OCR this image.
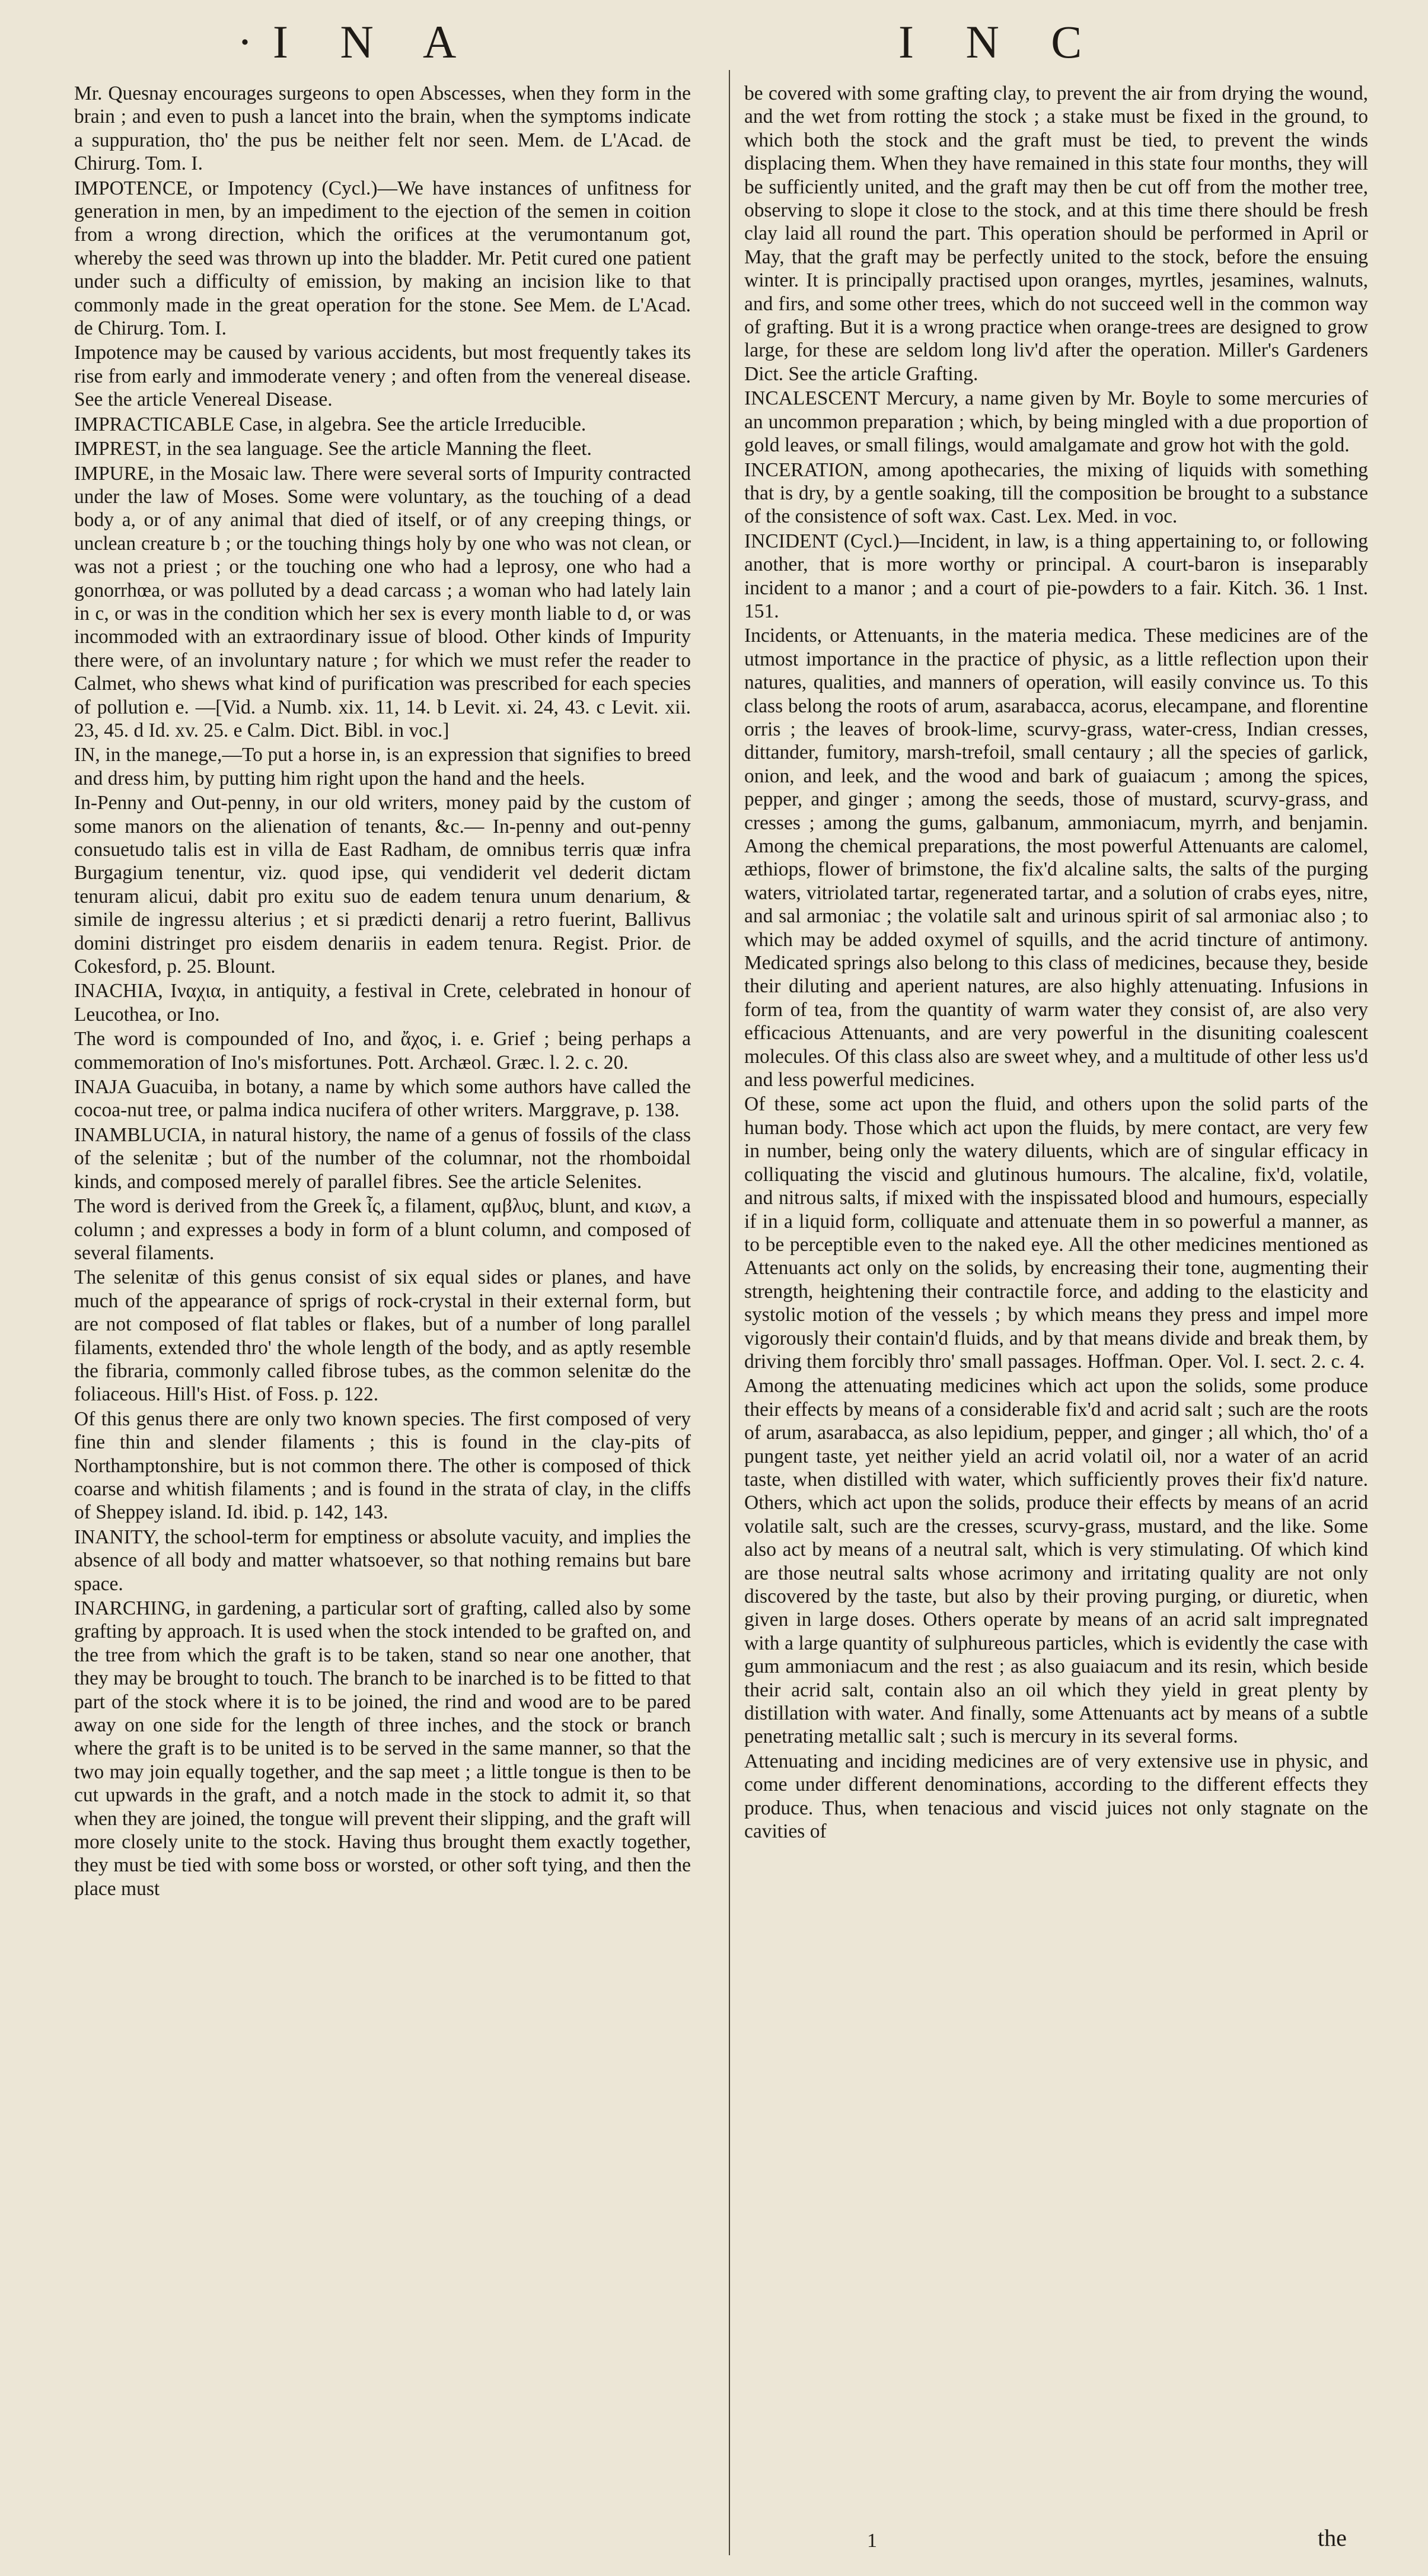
·I N A	I N C

Mr. Quesnay encourages surgeons to open Abscesses, when they form in the brain ; and even to push a lancet into the brain, when the symptoms indicate a suppuration, tho' the pus be neither felt nor seen. Mem. de L'Acad. de Chirurg. Tom. I.

IMPOTENCE, or Impotency (Cycl.)—We have instances of unfitness for generation in men, by an impediment to the ejection of the semen in coition from a wrong direction, which the orifices at the verumontanum got, whereby the seed was thrown up into the bladder. Mr. Petit cured one patient under such a difficulty of emission, by making an incision like to that commonly made in the great operation for the stone. See Mem. de L'Acad. de Chirurg. Tom. I.

Impotence may be caused by various accidents, but most frequently takes its rise from early and immoderate venery ; and often from the venereal disease. See the article Venereal Disease.

IMPRACTICABLE Case, in algebra. See the article Irreducible.

IMPREST, in the sea language. See the article Manning the fleet.

IMPURE, in the Mosaic law. There were several sorts of Impurity contracted under the law of Moses. Some were voluntary, as the touching of a dead body a, or of any animal that died of itself, or of any creeping things, or unclean creature b ; or the touching things holy by one who was not clean, or was not a priest ; or the touching one who had a leprosy, one who had a gonorrhœa, or was polluted by a dead carcass ; a woman who had lately lain in c, or was in the condition which her sex is every month liable to d, or was incommoded with an extraordinary issue of blood. Other kinds of Impurity there were, of an involuntary nature ; for which we must refer the reader to Calmet, who shews what kind of purification was prescribed for each species of pollution e. —[Vid. a Numb. xix. 11, 14. b Levit. xi. 24, 43. c Levit. xii. 23, 45. d Id. xv. 25. e Calm. Dict. Bibl. in voc.]

IN, in the manege,—To put a horse in, is an expression that signifies to breed and dress him, by putting him right upon the hand and the heels.

In-Penny and Out-penny, in our old writers, money paid by the custom of some manors on the alienation of tenants, &c.— In-penny and out-penny consuetudo talis est in villa de East Radham, de omnibus terris quæ infra Burgagium tenentur, viz. quod ipse, qui vendiderit vel dederit dictam tenuram alicui, dabit pro exitu suo de eadem tenura unum denarium, & simile de ingressu alterius ; et si prædicti denarij a retro fuerint, Ballivus domini distringet pro eisdem denariis in eadem tenura. Regist. Prior. de Cokesford, p. 25. Blount.

INACHIA, Ιναχια, in antiquity, a festival in Crete, celebrated in honour of Leucothea, or Ino.

The word is compounded of Ino, and ἄχος, i. e. Grief ; being perhaps a commemoration of Ino's misfortunes. Pott. Archæol. Græc. l. 2. c. 20.

INAJA Guacuiba, in botany, a name by which some authors have called the cocoa-nut tree, or palma indica nucifera of other writers. Marggrave, p. 138.

INAMBLUCIA, in natural history, the name of a genus of fossils of the class of the selenitæ ; but of the number of the columnar, not the rhomboidal kinds, and composed merely of parallel fibres. See the article Selenites.

The word is derived from the Greek ἶς, a filament, αμβλυς, blunt, and κιων, a column ; and expresses a body in form of a blunt column, and composed of several filaments.

The selenitæ of this genus consist of six equal sides or planes, and have much of the appearance of sprigs of rock-crystal in their external form, but are not composed of flat tables or flakes, but of a number of long parallel filaments, extended thro' the whole length of the body, and as aptly resemble the fibraria, commonly called fibrose tubes, as the common selenitæ do the foliaceous. Hill's Hist. of Foss. p. 122.

Of this genus there are only two known species. The first composed of very fine thin and slender filaments ; this is found in the clay-pits of Northamptonshire, but is not common there. The other is composed of thick coarse and whitish filaments ; and is found in the strata of clay, in the cliffs of Sheppey island. Id. ibid. p. 142, 143.

INANITY, the school-term for emptiness or absolute vacuity, and implies the absence of all body and matter whatsoever, so that nothing remains but bare space.

INARCHING, in gardening, a particular sort of grafting, called also by some grafting by approach. It is used when the stock intended to be grafted on, and the tree from which the graft is to be taken, stand so near one another, that they may be brought to touch. The branch to be inarched is to be fitted to that part of the stock where it is to be joined, the rind and wood are to be pared away on one side for the length of three inches, and the stock or branch where the graft is to be united is to be served in the same manner, so that the two may join equally together, and the sap meet ; a little tongue is then to be cut upwards in the graft, and a notch made in the stock to admit it, so that when they are joined, the tongue will prevent their slipping, and the graft will more closely unite to the stock. Having thus brought them exactly together, they must be tied with some boss or worsted, or other soft tying, and then the place must

be covered with some grafting clay, to prevent the air from drying the wound, and the wet from rotting the stock ; a stake must be fixed in the ground, to which both the stock and the graft must be tied, to prevent the winds displacing them. When they have remained in this state four months, they will be sufficiently united, and the graft may then be cut off from the mother tree, observing to slope it close to the stock, and at this time there should be fresh clay laid all round the part. This operation should be performed in April or May, that the graft may be perfectly united to the stock, before the ensuing winter. It is principally practised upon oranges, myrtles, jesamines, walnuts, and firs, and some other trees, which do not succeed well in the common way of grafting. But it is a wrong practice when orange-trees are designed to grow large, for these are seldom long liv'd after the operation. Miller's Gardeners Dict. See the article Grafting.

INCALESCENT Mercury, a name given by Mr. Boyle to some mercuries of an uncommon preparation ; which, by being mingled with a due proportion of gold leaves, or small filings, would amalgamate and grow hot with the gold.

INCERATION, among apothecaries, the mixing of liquids with something that is dry, by a gentle soaking, till the composition be brought to a substance of the consistence of soft wax. Cast. Lex. Med. in voc.

INCIDENT (Cycl.)—Incident, in law, is a thing appertaining to, or following another, that is more worthy or principal. A court-baron is inseparably incident to a manor ; and a court of pie-powders to a fair. Kitch. 36. 1 Inst. 151.

Incidents, or Attenuants, in the materia medica. These medicines are of the utmost importance in the practice of physic, as a little reflection upon their natures, qualities, and manners of operation, will easily convince us. To this class belong the roots of arum, asarabacca, acorus, elecampane, and florentine orris ; the leaves of brook-lime, scurvy-grass, water-cress, Indian cresses, dittander, fumitory, marsh-trefoil, small centaury ; all the species of garlick, onion, and leek, and the wood and bark of guaiacum ; among the spices, pepper, and ginger ; among the seeds, those of mustard, scurvy-grass, and cresses ; among the gums, galbanum, ammoniacum, myrrh, and benjamin. Among the chemical preparations, the most powerful Attenuants are calomel, æthiops, flower of brimstone, the fix'd alcaline salts, the salts of the purging waters, vitriolated tartar, regenerated tartar, and a solution of crabs eyes, nitre, and sal armoniac ; the volatile salt and urinous spirit of sal armoniac also ; to which may be added oxymel of squills, and the acrid tincture of antimony. Medicated springs also belong to this class of medicines, because they, beside their diluting and aperient natures, are also highly attenuating. Infusions in form of tea, from the quantity of warm water they consist of, are also very efficacious Attenuants, and are very powerful in the disuniting coalescent molecules. Of this class also are sweet whey, and a multitude of other less us'd and less powerful medicines.

Of these, some act upon the fluid, and others upon the solid parts of the human body. Those which act upon the fluids, by mere contact, are very few in number, being only the watery diluents, which are of singular efficacy in colliquating the viscid and glutinous humours. The alcaline, fix'd, volatile, and nitrous salts, if mixed with the inspissated blood and humours, especially if in a liquid form, colliquate and attenuate them in so powerful a manner, as to be perceptible even to the naked eye. All the other medicines mentioned as Attenuants act only on the solids, by encreasing their tone, augmenting their strength, heightening their contractile force, and adding to the elasticity and systolic motion of the vessels ; by which means they press and impel more vigorously their contain'd fluids, and by that means divide and break them, by driving them forcibly thro' small passages. Hoffman. Oper. Vol. I. sect. 2. c. 4.

Among the attenuating medicines which act upon the solids, some produce their effects by means of a considerable fix'd and acrid salt ; such are the roots of arum, asarabacca, as also lepidium, pepper, and ginger ; all which, tho' of a pungent taste, yet neither yield an acrid volatil oil, nor a water of an acrid taste, when distilled with water, which sufficiently proves their fix'd nature. Others, which act upon the solids, produce their effects by means of an acrid volatile salt, such are the cresses, scurvy-grass, mustard, and the like. Some also act by means of a neutral salt, which is very stimulating. Of which kind are those neutral salts whose acrimony and irritating quality are not only discovered by the taste, but also by their proving purging, or diuretic, when given in large doses. Others operate by means of an acrid salt impregnated with a large quantity of sulphureous particles, which is evidently the case with gum ammoniacum and the rest ; as also guaiacum and its resin, which beside their acrid salt, contain also an oil which they yield in great plenty by distillation with water. And finally, some Attenuants act by means of a subtle penetrating metallic salt ; such is mercury in its several forms.

Attenuating and inciding medicines are of very extensive use in physic, and come under different denominations, according to the different effects they produce. Thus, when tenacious and viscid juices not only stagnate on the cavities of

1	the
